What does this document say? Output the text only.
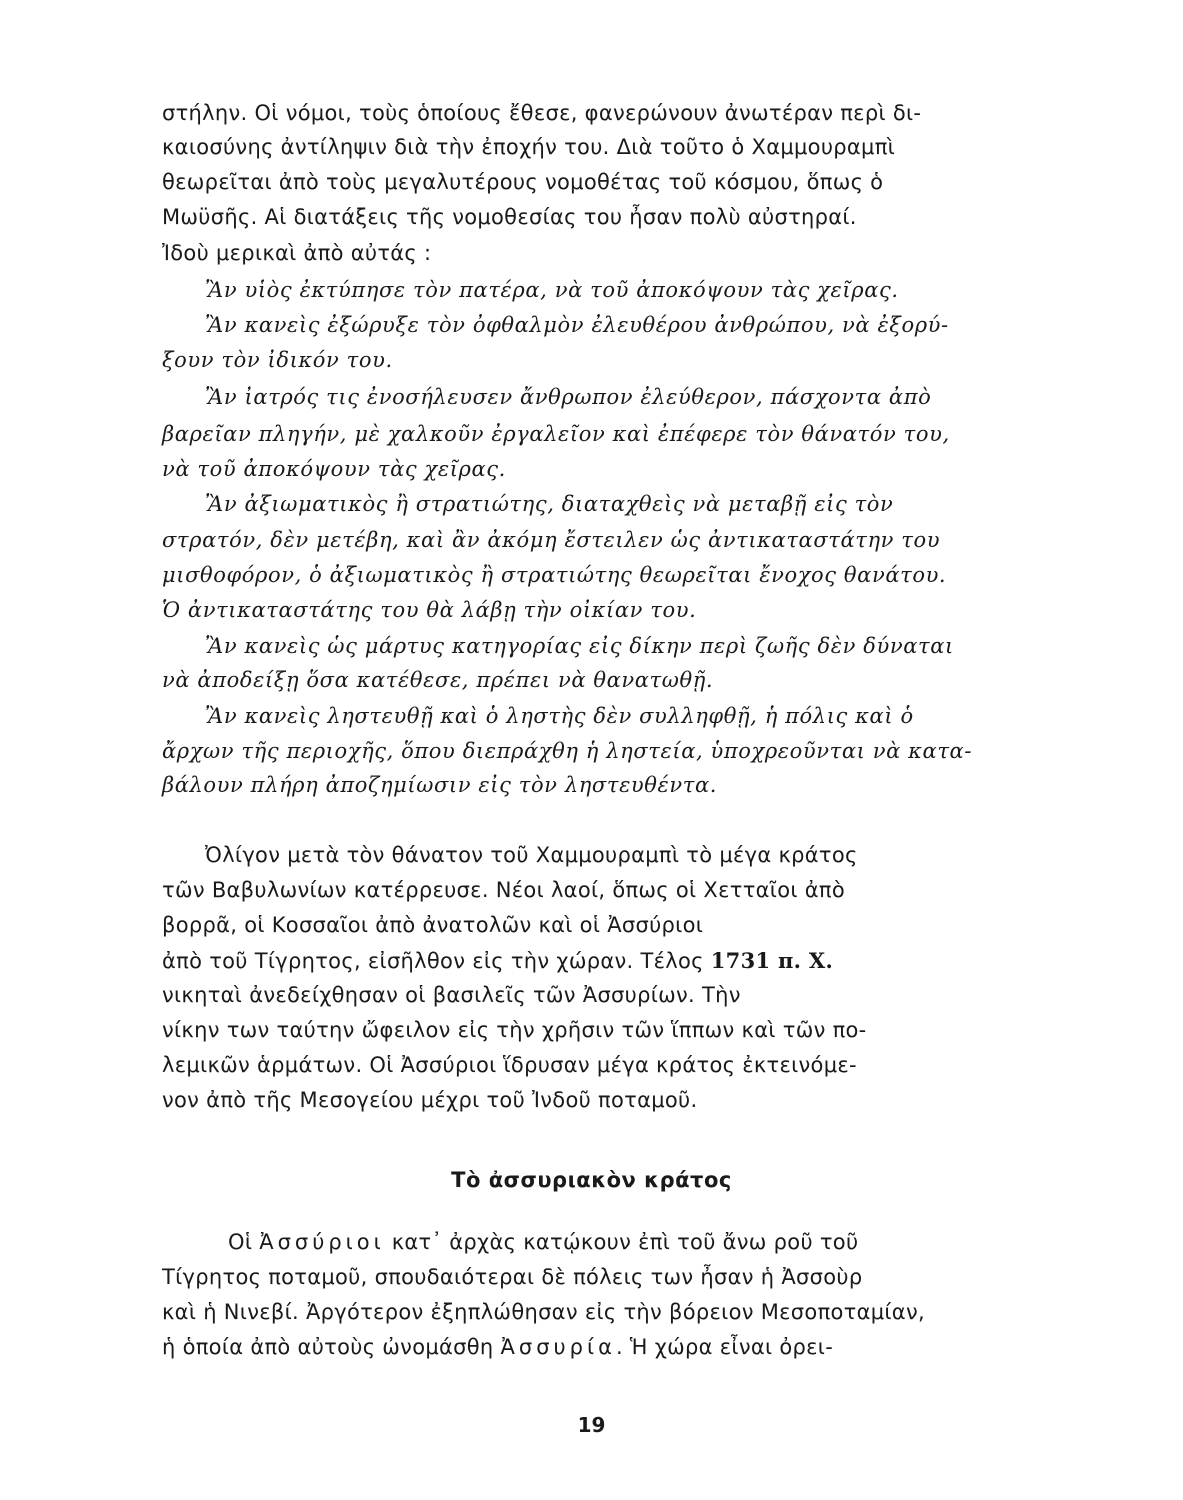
στήλην. Οἱ νόμοι, τοὺς ὁποίους ἔθεσε, φανερώνουν ἀνωτέραν περὶ δι-
καιοσύνης ἀντίληψιν διὰ τὴν ἐποχήν του. Διὰ τοῦτο ὁ Χαμμουραμπὶ
θεωρεῖται ἀπὸ τοὺς μεγαλυτέρους νομοθέτας τοῦ κόσμου, ὅπως ὁ
Μωϋσῆς. Αἱ διατάξεις τῆς νομοθεσίας του ἦσαν πολὺ αὐστηραί.
Ἰδοὺ μερικαὶ ἀπὸ αὐτάς :
Ἂν υἱὸς ἐκτύπησε τὸν πατέρα, νὰ τοῦ ἀποκόψουν τὰς χεῖρας.
Ἂν κανεὶς ἐξώρυξε τὸν ὀφθαλμὸν ἐλευθέρου ἀνθρώπου, νὰ ἐξορύ-
ξουν τὸν ἰδικόν του.
Ἂν ἰατρός τις ἐνοσήλευσεν ἄνθρωπον ἐλεύθερον, πάσχοντα ἀπὸ
βαρεῖαν πληγήν, μὲ χαλκοῦν ἐργαλεῖον καὶ ἐπέφερε τὸν θάνατόν του,
νὰ τοῦ ἀποκόψουν τὰς χεῖρας.
Ἂν ἀξιωματικὸς ἢ στρατιώτης, διαταχθεὶς νὰ μεταβῇ εἰς τὸν
στρατόν, δὲν μετέβη, καὶ ἂν ἀκόμη ἔστειλεν ὡς ἀντικαταστάτην του
μισθοφόρον, ὁ ἀξιωματικὸς ἢ στρατιώτης θεωρεῖται ἔνοχος θανάτου.
Ὁ ἀντικαταστάτης του θὰ λάβῃ τὴν οἰκίαν του.
Ἂν κανεὶς ὡς μάρτυς κατηγορίας εἰς δίκην περὶ ζωῆς δὲν δύναται
νὰ ἀποδείξῃ ὅσα κατέθεσε, πρέπει νὰ θανατωθῇ.
Ἂν κανεὶς ληστευθῇ καὶ ὁ ληστὴς δὲν συλληφθῇ, ἡ πόλις καὶ ὁ
ἄρχων τῆς περιοχῆς, ὅπου διεπράχθη ἡ ληστεία, ὑποχρεοῦνται νὰ κατα-
βάλουν πλήρη ἀποζημίωσιν εἰς τὸν ληστευθέντα.
Ὀλίγον μετὰ τὸν θάνατον τοῦ Χαμμουραμπὶ τὸ μέγα κράτος
τῶν Βαβυλωνίων κατέρρευσε. Νέοι λαοί, ὅπως οἱ Χετταῖοι ἀπὸ
βορρᾶ, οἱ Κοσσαῖοι ἀπὸ ἀνατολῶν καὶ οἱ Ἀσσύριοι
ἀπὸ τοῦ Τίγρητος, εἰσῆλθον εἰς τὴν χώραν. Τέλος 1731 π. Χ.
νικηταὶ ἀνεδείχθησαν οἱ βασιλεῖς τῶν Ἀσσυρίων. Τὴν
νίκην των ταύτην ὤφειλον εἰς τὴν χρῆσιν τῶν ἵππων καὶ τῶν πο-
λεμικῶν ἁρμάτων. Οἱ Ἀσσύριοι ἵδρυσαν μέγα κράτος ἐκτεινόμε-
νον ἀπὸ τῆς Μεσογείου μέχρι τοῦ Ἰνδοῦ ποταμοῦ.
Τὸ ἀσσυριακὸν κράτος
Οἱ Ἀσσύριοι κατ᾽ ἀρχὰς κατῴκουν ἐπὶ τοῦ ἄνω ροῦ τοῦ
Τίγρητος ποταμοῦ, σπουδαιότεραι δὲ πόλεις των ἦσαν ἡ Ἀσσοὺρ
καὶ ἡ Νινεβί. Ἀργότερον ἐξηπλώθησαν εἰς τὴν βόρειον Μεσοποταμίαν,
ἡ ὁποία ἀπὸ αὐτοὺς ὠνομάσθη Ἀσσυρία. Ἡ χώρα εἶναι ὀρει-
19
